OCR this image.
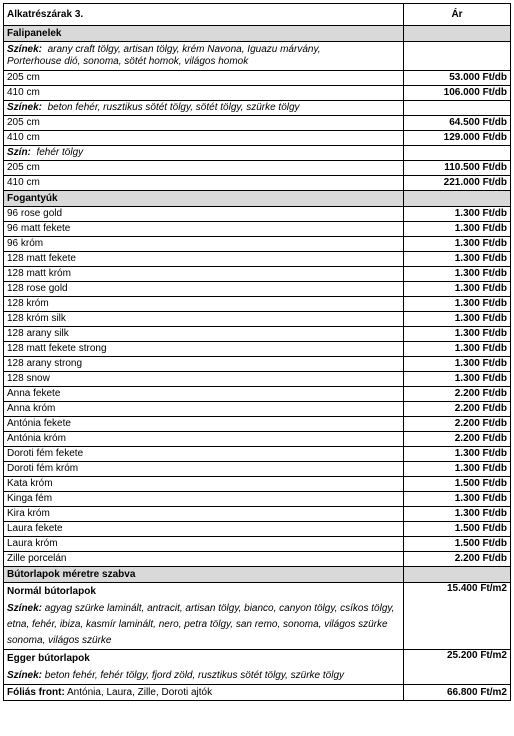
Alkatrészárak 3.	Ár
Falipanelek	
Színek: arany craft tölgy, artisan tölgy, krém Navona, Iguazu márvány,
Porterhouse dió, sonoma, sötét homok, világos homok	
205 cm	53.000 Ft/db
410 cm	106.000 Ft/db
Színek: beton fehér, rusztikus sötét tölgy, sötét tölgy, szürke tölgy	
205 cm	64.500 Ft/db
410 cm	129.000 Ft/db
Szín: fehér tölgy	
205 cm	110.500 Ft/db
410 cm	221.000 Ft/db
Fogantyúk	
96 rose gold	1.300 Ft/db
96 matt fekete	1.300 Ft/db
96 króm	1.300 Ft/db
128 matt fekete	1.300 Ft/db
128 matt króm	1.300 Ft/db
128 rose gold	1.300 Ft/db
128 króm	1.300 Ft/db
128 króm silk	1.300 Ft/db
128 arany silk	1.300 Ft/db
128 matt fekete strong	1.300 Ft/db
128 arany strong	1.300 Ft/db
128 snow	1.300 Ft/db
Anna fekete	2.200 Ft/db
Anna króm	2.200 Ft/db
Antónia fekete	2.200 Ft/db
Antónia króm	2.200 Ft/db
Doroti fém fekete	1.300 Ft/db
Doroti fém króm	1.300 Ft/db
Kata króm	1.500 Ft/db
Kinga fém	1.300 Ft/db
Kira króm	1.300 Ft/db
Laura fekete	1.500 Ft/db
Laura króm	1.500 Ft/db
Zille porcelán	2.200 Ft/db
Bútorlapok méretre szabva	

Normál bútorlapok
Színek: agyag szürke laminált, antracit, artisan tölgy, bianco, canyon tölgy, csíkos tölgy, etna, fehér, ibiza, kasmír laminált, nero, petra tölgy, san remo, sonoma, világos szürke sonoma, világos szürke	15.400 Ft/m2

Egger bútorlapok
Színek: beton fehér, fehér tölgy, fjord zöld, rusztikus sötét tölgy, szürke tölgy	25.200 Ft/m2
Fóliás front: Antónia, Laura, Zille, Doroti ajtók	66.800 Ft/m2
